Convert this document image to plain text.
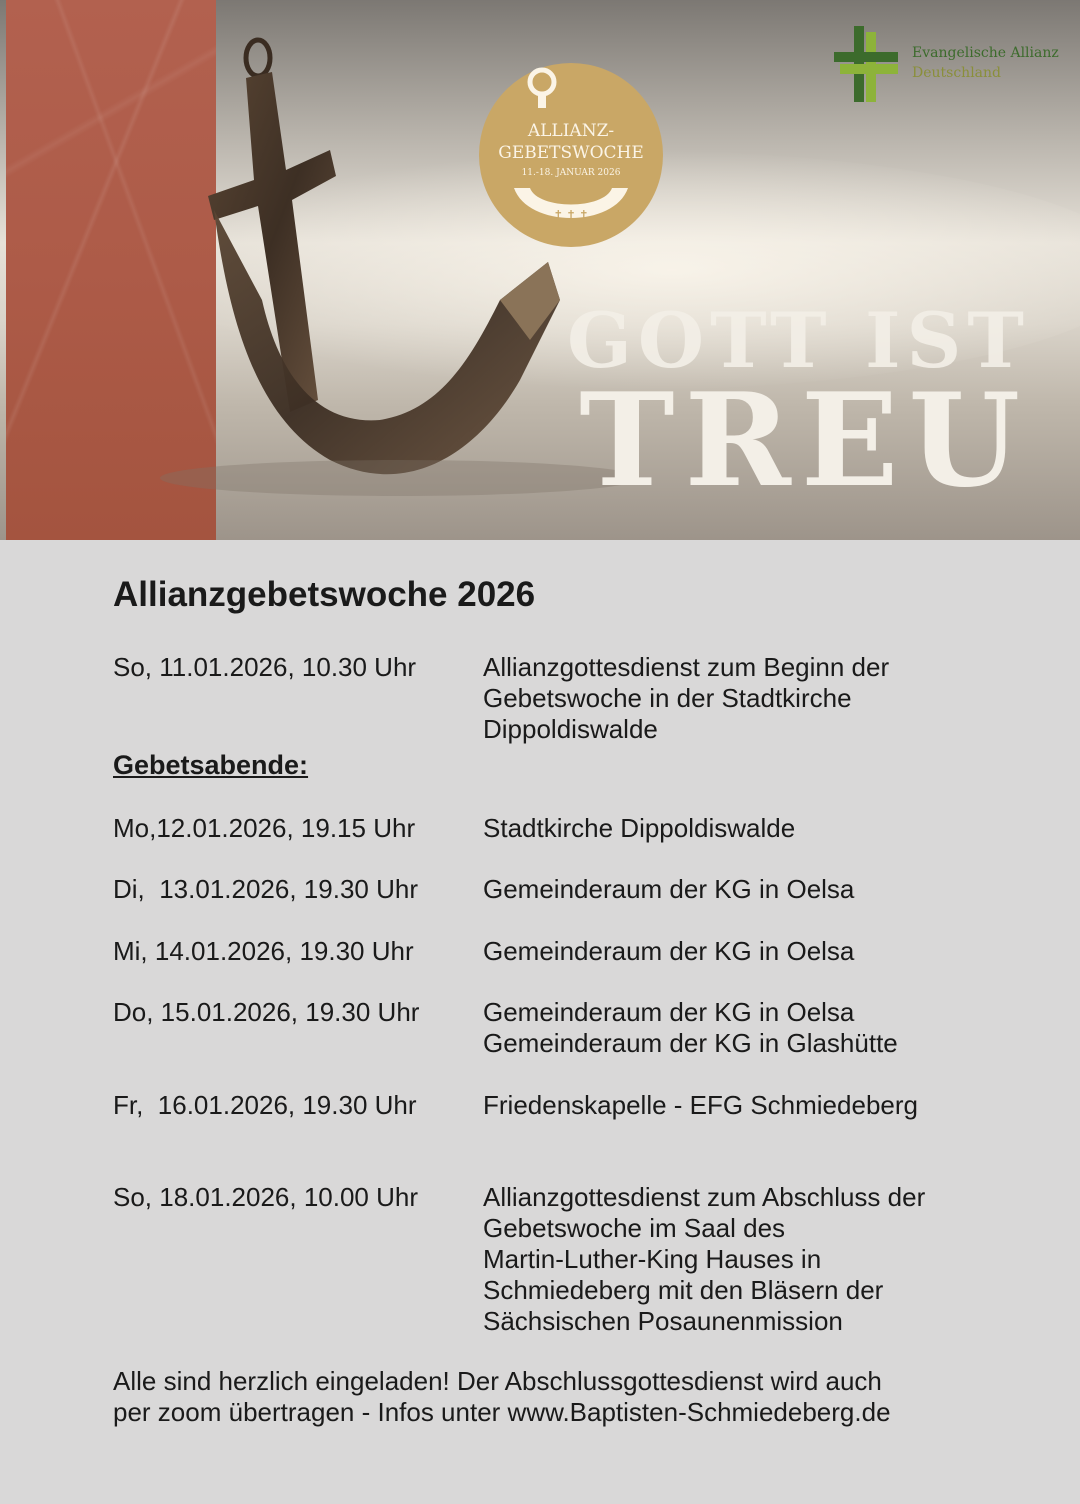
ALLIANZ-
GEBETSWOCHE
11.-18. JANUAR 2026
✝ ✝ ✝
Evangelische Allianz
Deutschland
GOTT IST
TREU
Allianzgebetswoche 2026
So, 11.01.2026, 10.30 Uhr	Allianzgottesdienst zum Beginn der
Gebetswoche in der Stadtkirche
Dippoldiswalde
Gebetsabende:
Mo,12.01.2026, 19.15 Uhr	Stadtkirche Dippoldiswalde
Di,  13.01.2026, 19.30 Uhr	Gemeinderaum der KG in Oelsa
Mi, 14.01.2026, 19.30 Uhr	Gemeinderaum der KG in Oelsa
Do, 15.01.2026, 19.30 Uhr Gemeinderaum der KG in Oelsa
Gemeinderaum der KG in Glashütte
Fr,  16.01.2026, 19.30 Uhr	Friedenskapelle - EFG Schmiedeberg
So, 18.01.2026, 10.00 Uhr Allianzgottesdienst zum Abschluss der
Gebetswoche im Saal des
Martin-Luther-King Hauses in
Schmiedeberg mit den Bläsern der
Sächsischen Posaunenmission
Alle sind herzlich eingeladen! Der Abschlussgottesdienst wird auch
per zoom übertragen - Infos unter www.Baptisten-Schmiedeberg.de
